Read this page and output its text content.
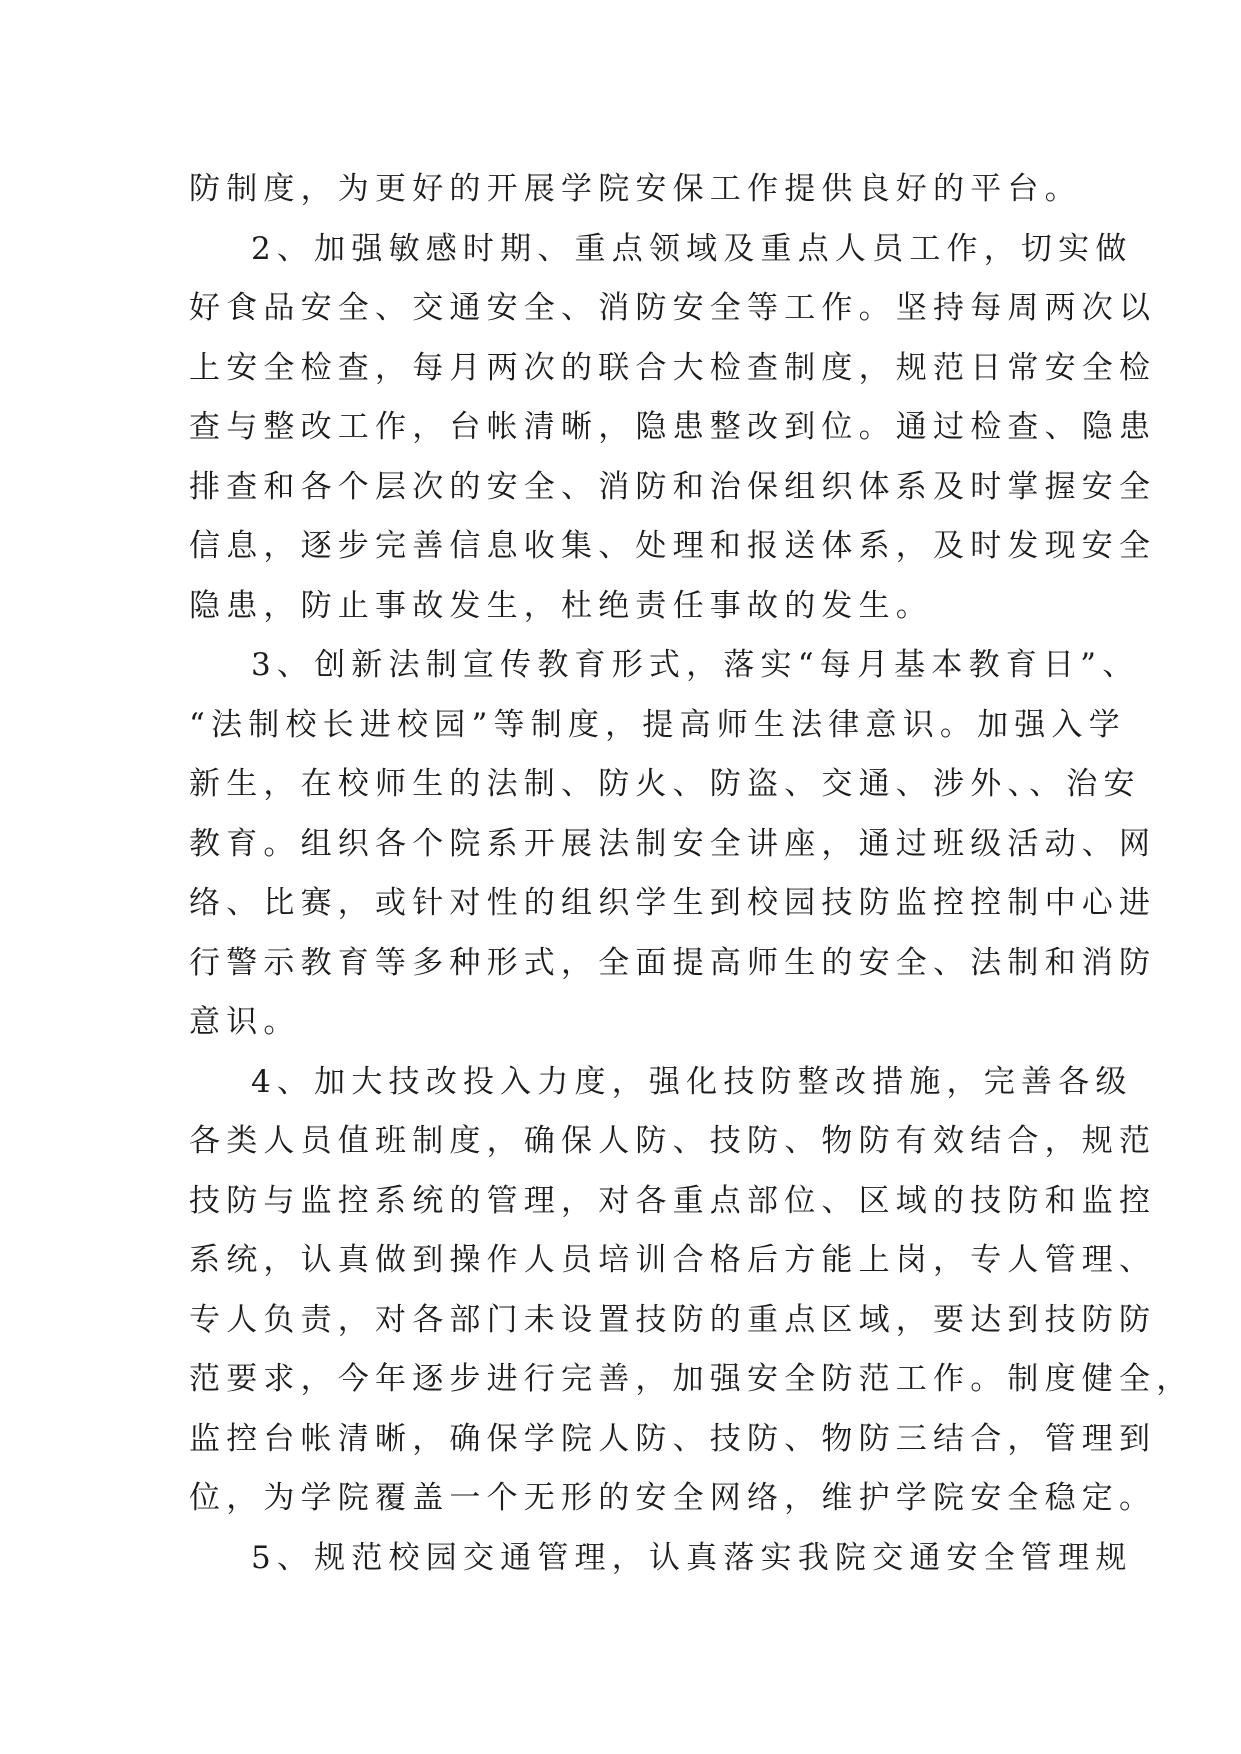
防制度，为更好的开展学院安保工作提供良好的平台。
2、加强敏感时期、重点领域及重点人员工作，切实做
好食品安全、交通安全、消防安全等工作。坚持每周两次以
上安全检查，每月两次的联合大检查制度，规范日常安全检
查与整改工作，台帐清晰，隐患整改到位。通过检查、隐患
排查和各个层次的安全、消防和治保组织体系及时掌握安全
信息，逐步完善信息收集、处理和报送体系，及时发现安全
隐患，防止事故发生，杜绝责任事故的发生。
3、创新法制宣传教育形式，落实“每月基本教育日”、
“法制校长进校园”等制度，提高师生法律意识。加强入学
新生，在校师生的法制、防火、防盗、交通、涉外、、治安
教育。组织各个院系开展法制安全讲座，通过班级活动、网
络、比赛，或针对性的组织学生到校园技防监控控制中心进
行警示教育等多种形式，全面提高师生的安全、法制和消防
意识。
4、加大技改投入力度，强化技防整改措施，完善各级
各类人员值班制度，确保人防、技防、物防有效结合，规范
技防与监控系统的管理，对各重点部位、区域的技防和监控
系统，认真做到操作人员培训合格后方能上岗，专人管理、
专人负责，对各部门未设置技防的重点区域，要达到技防防
范要求，今年逐步进行完善，加强安全防范工作。制度健全，
监控台帐清晰，确保学院人防、技防、物防三结合，管理到
位，为学院覆盖一个无形的安全网络，维护学院安全稳定。
5、规范校园交通管理，认真落实我院交通安全管理规
